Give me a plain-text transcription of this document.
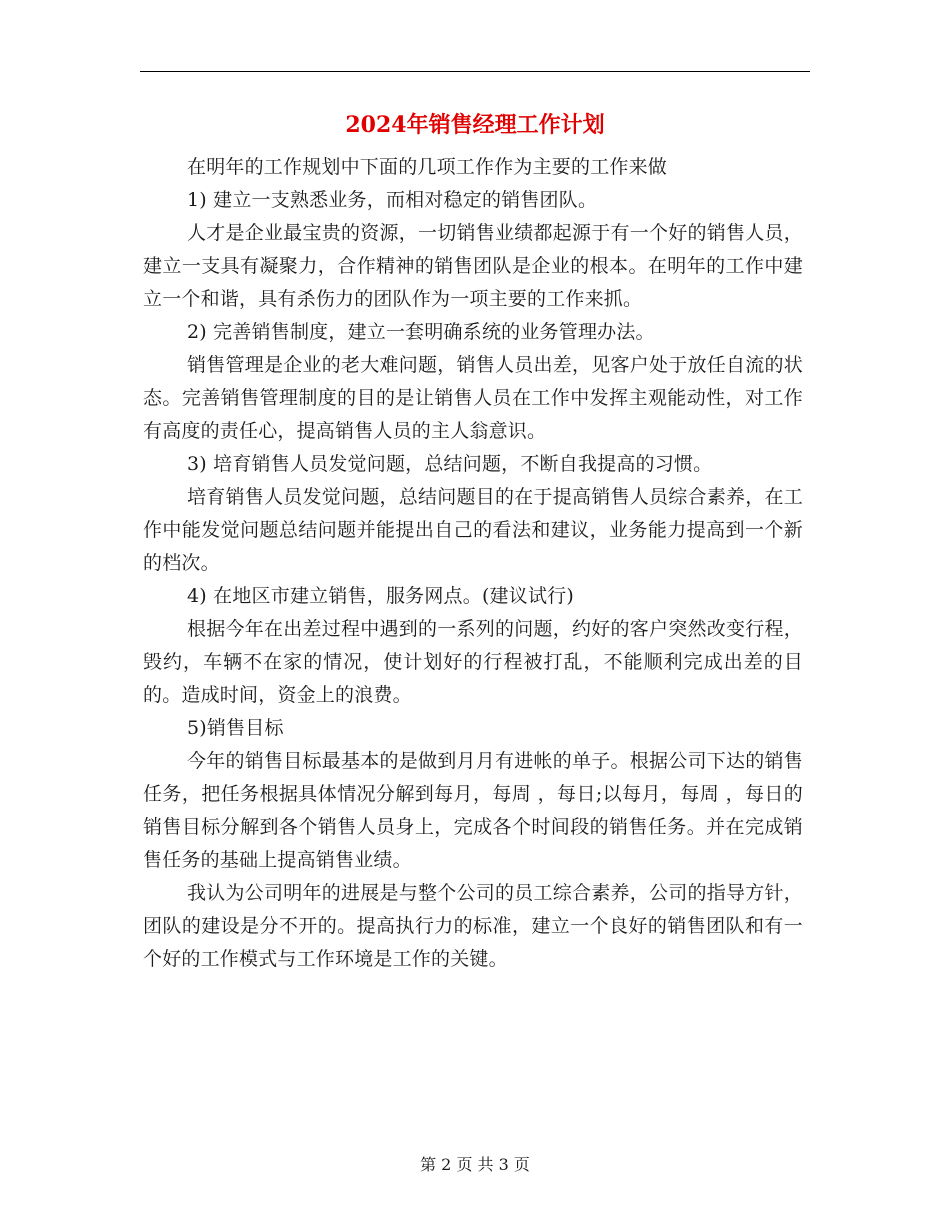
2024年销售经理工作计划

在明年的工作规划中下面的几项工作作为主要的工作来做

1) 建立一支熟悉业务，而相对稳定的销售团队。

人才是企业最宝贵的资源，一切销售业绩都起源于有一个好的销售人员，建立一支具有凝聚力，合作精神的销售团队是企业的根本。在明年的工作中建立一个和谐，具有杀伤力的团队作为一项主要的工作来抓。

2) 完善销售制度，建立一套明确系统的业务管理办法。

销售管理是企业的老大难问题，销售人员出差，见客户处于放任自流的状态。完善销售管理制度的目的是让销售人员在工作中发挥主观能动性，对工作有高度的责任心，提高销售人员的主人翁意识。

3) 培育销售人员发觉问题，总结问题，不断自我提高的习惯。

培育销售人员发觉问题，总结问题目的在于提高销售人员综合素养，在工作中能发觉问题总结问题并能提出自己的看法和建议，业务能力提高到一个新的档次。

4) 在地区市建立销售，服务网点。(建议试行)

根据今年在出差过程中遇到的一系列的问题，约好的客户突然改变行程，毁约，车辆不在家的情况，使计划好的行程被打乱，不能顺利完成出差的目的。造成时间，资金上的浪费。

5)销售目标

今年的销售目标最基本的是做到月月有进帐的单子。根据公司下达的销售任务，把任务根据具体情况分解到每月，每周 ，每日;以每月，每周 ，每日的销售目标分解到各个销售人员身上，完成各个时间段的销售任务。并在完成销售任务的基础上提高销售业绩。

我认为公司明年的进展是与整个公司的员工综合素养，公司的指导方针，团队的建设是分不开的。提高执行力的标准，建立一个良好的销售团队和有一个好的工作模式与工作环境是工作的关键。

第 2 页 共 3 页
